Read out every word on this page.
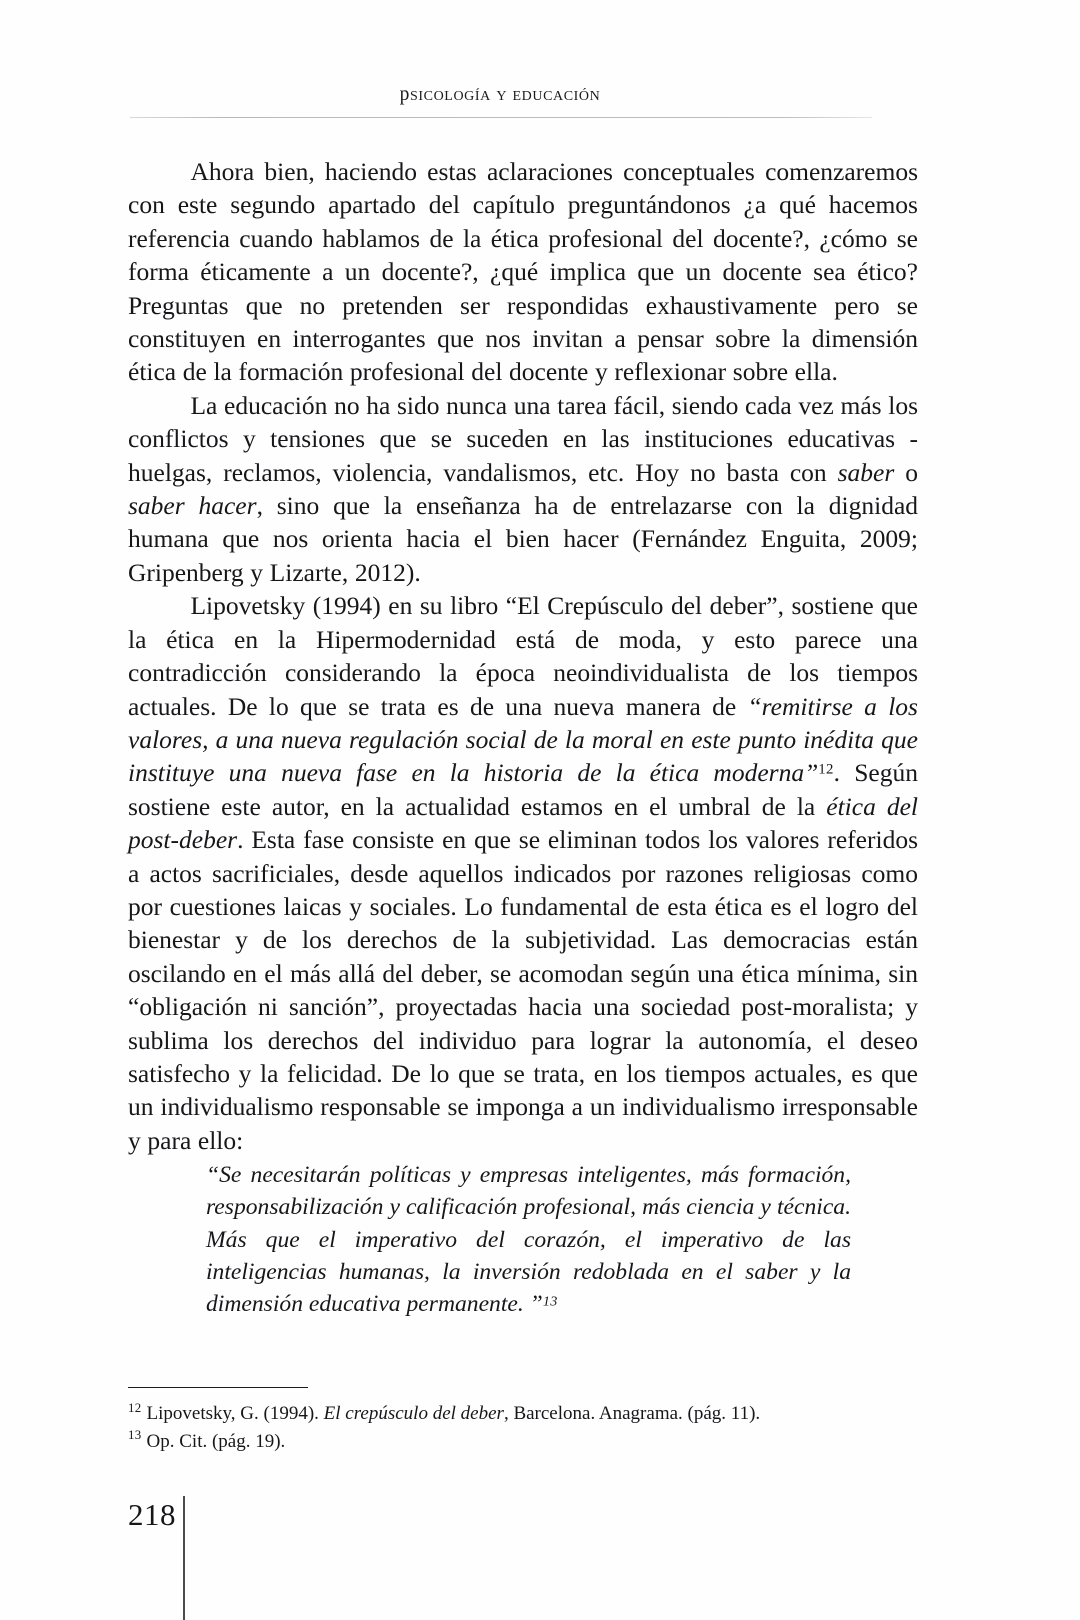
psicología y educación

Ahora bien, haciendo estas aclaraciones conceptuales comenzaremos con este segundo apartado del capítulo preguntándonos ¿a qué hacemos referencia cuando hablamos de la ética profesional del docente?, ¿cómo se forma éticamente a un docente?, ¿qué implica que un docente sea ético? Preguntas que no pretenden ser respondidas exhaustivamente pero se constituyen en interrogantes que nos invitan a pensar sobre la dimensión ética de la formación profesional del docente y reflexionar sobre ella.

La educación no ha sido nunca una tarea fácil, siendo cada vez más los conflictos y tensiones que se suceden en las instituciones educativas -huelgas, reclamos, violencia, vandalismos, etc. Hoy no basta con saber o saber hacer, sino que la enseñanza ha de entrelazarse con la dignidad humana que nos orienta hacia el bien hacer (Fernández Enguita, 2009; Gripenberg y Lizarte, 2012).

Lipovetsky (1994) en su libro “El Crepúsculo del deber”, sostiene que la ética en la Hipermodernidad está de moda, y esto parece una contradicción considerando la época neoindividualista de los tiempos actuales. De lo que se trata es de una nueva manera de “remitirse a los valores, a una nueva regulación social de la moral en este punto inédita que instituye una nueva fase en la historia de la ética moderna”$^{12}$. Según sostiene este autor, en la actualidad estamos en el umbral de la ética del post-deber. Esta fase consiste en que se eliminan todos los valores referidos a actos sacrificiales, desde aquellos indicados por razones religiosas como por cuestiones laicas y sociales. Lo fundamental de esta ética es el logro del bienestar y de los derechos de la subjetividad. Las democracias están oscilando en el más allá del deber, se acomodan según una ética mínima, sin “obligación ni sanción”, proyectadas hacia una sociedad post-moralista; y sublima los derechos del individuo para lograr la autonomía, el deseo satisfecho y la felicidad. De lo que se trata, en los tiempos actuales, es que un individualismo responsable se imponga a un individualismo irresponsable y para ello:

“Se necesitarán políticas y empresas inteligentes, más formación, responsabilización y calificación profesional, más ciencia y técnica. Más que el imperativo del corazón, el imperativo de las inteligencias humanas, la inversión redoblada en el saber y la dimensión educativa permanente. ”$^{13}$
$^{12}$ Lipovetsky, G. (1994). El crepúsculo del deber, Barcelona. Anagrama. (pág. 11).
$^{13}$ Op. Cit. (pág. 19).
218
